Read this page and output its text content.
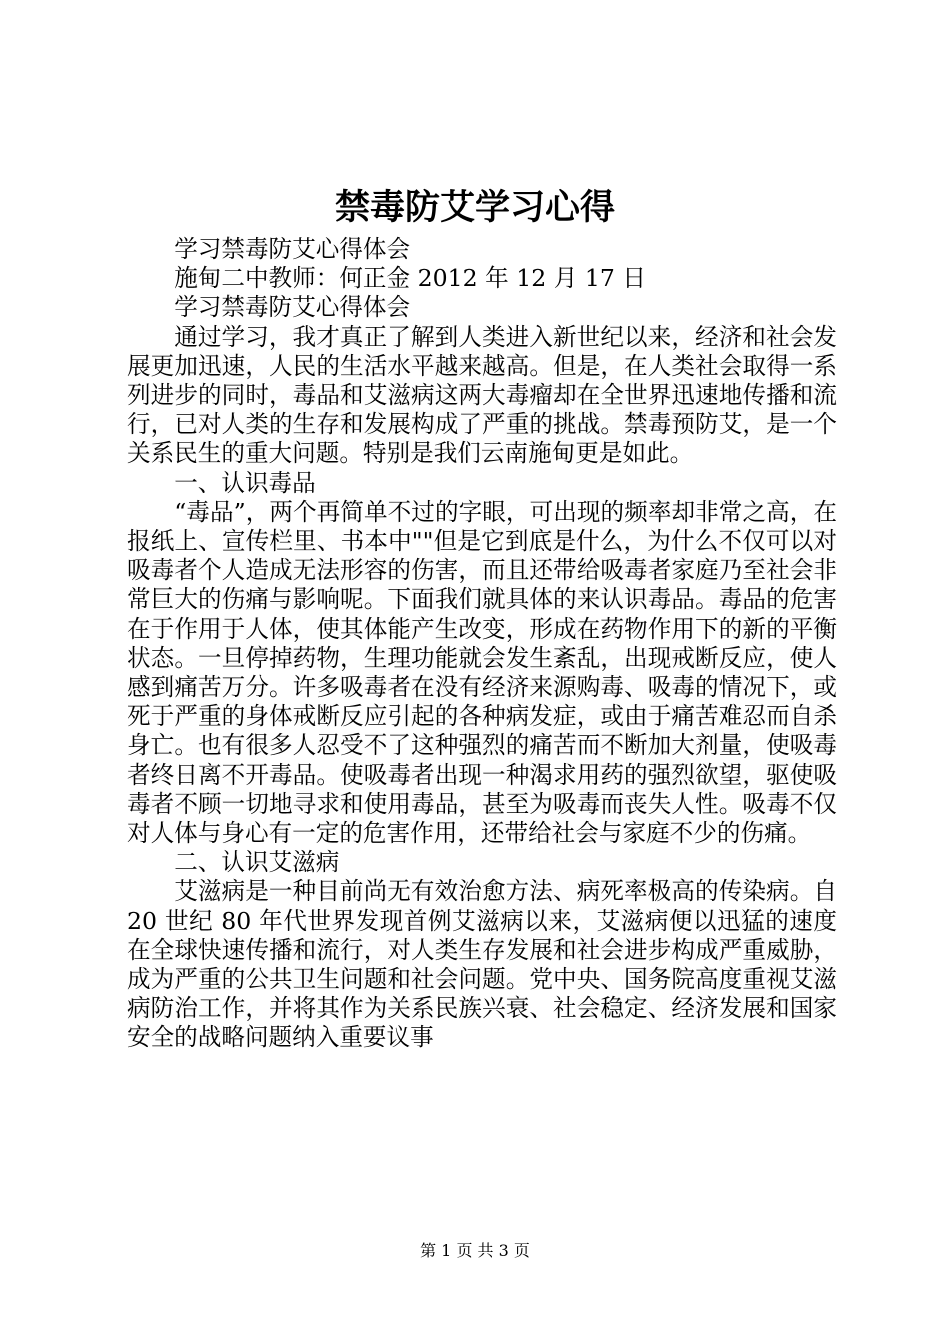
禁毒防艾学习心得

学习禁毒防艾心得体会

施甸二中教师：何正金 2012 年 12 月 17 日

学习禁毒防艾心得体会

通过学习，我才真正了解到人类进入新世纪以来，经济和社会发展更加迅速，人民的生活水平越来越高。但是，在人类社会取得一系列进步的同时，毒品和艾滋病这两大毒瘤却在全世界迅速地传播和流行，已对人类的生存和发展构成了严重的挑战。禁毒预防艾，是一个关系民生的重大问题。特别是我们云南施甸更是如此。

一、认识毒品

“毒品”，两个再简单不过的字眼，可出现的频率却非常之高，在报纸上、宣传栏里、书本中""但是它到底是什么，为什么不仅可以对吸毒者个人造成无法形容的伤害，而且还带给吸毒者家庭乃至社会非常巨大的伤痛与影响呢。下面我们就具体的来认识毒品。毒品的危害在于作用于人体，使其体能产生改变，形成在药物作用下的新的平衡状态。一旦停掉药物，生理功能就会发生紊乱，出现戒断反应，使人感到痛苦万分。许多吸毒者在没有经济来源购毒、吸毒的情况下，或死于严重的身体戒断反应引起的各种病发症，或由于痛苦难忍而自杀身亡。也有很多人忍受不了这种强烈的痛苦而不断加大剂量，使吸毒者终日离不开毒品。使吸毒者出现一种渴求用药的强烈欲望，驱使吸毒者不顾一切地寻求和使用毒品，甚至为吸毒而丧失人性。吸毒不仅对人体与身心有一定的危害作用，还带给社会与家庭不少的伤痛。

二、认识艾滋病

艾滋病是一种目前尚无有效治愈方法、病死率极高的传染病。自 20 世纪 80 年代世界发现首例艾滋病以来，艾滋病便以迅猛的速度在全球快速传播和流行，对人类生存发展和社会进步构成严重威胁，成为严重的公共卫生问题和社会问题。党中央、国务院高度重视艾滋病防治工作，并将其作为关系民族兴衰、社会稳定、经济发展和国家安全的战略问题纳入重要议事

第 1 页 共 3 页
